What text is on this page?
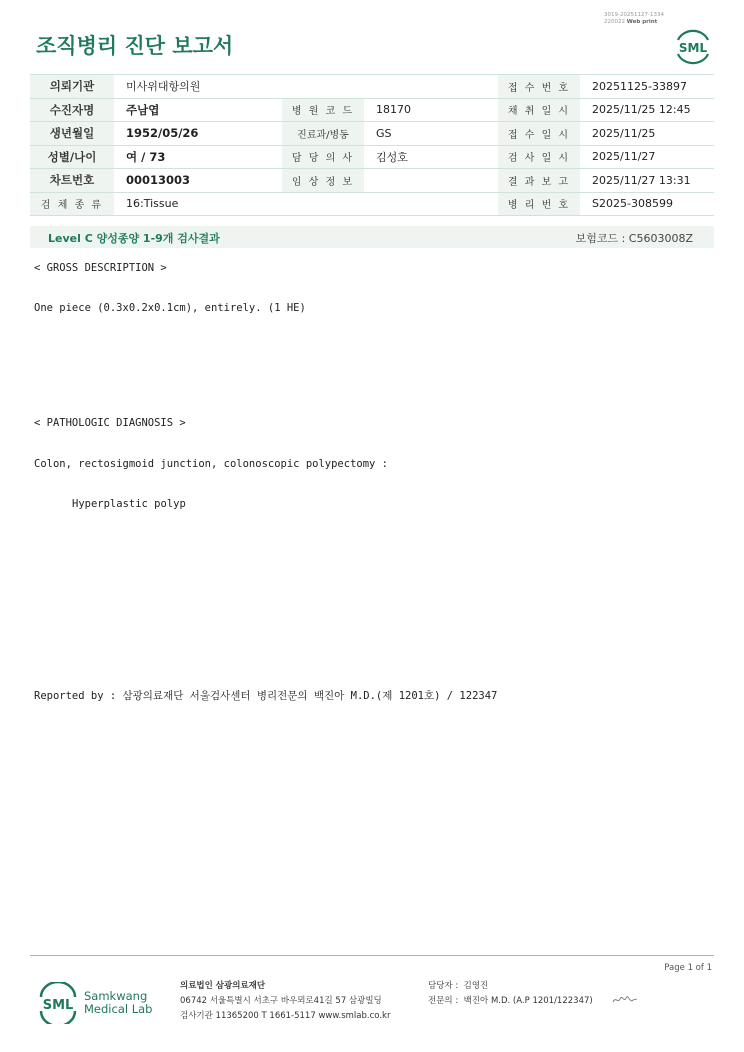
조직병리 진단 보고서
3019-20251127-1334
220022 Web print
SML
의뢰기관	미사위대항의원			접 수 번 호	20251125-33897
수진자명	주남엽	병 원 코 드	18170	채 취 일 시	2025/11/25 12:45
생년월일	1952/05/26	진료과/병동	GS	접 수 일 시	2025/11/25
성별/나이	여 / 73	담 당 의 사	김성호	검 사 일 시	2025/11/27
차트번호	00013003	임 상 정 보		결 과 보 고	2025/11/27 13:31
검 체 종 류	16:Tissue			병 리 번 호	S2025-308599
Level C 양성종양 1-9개 검사결과	보험코드 : C5603008Z
< GROSS DESCRIPTION >
One piece (0.3x0.2x0.1cm), entirely. (1 HE)
< PATHOLOGIC DIAGNOSIS >
Colon, rectosigmoid junction, colonoscopic polypectomy :
Hyperplastic polyp
Reported by : 삼광의료재단 서울검사센터 병리전문의 백진아 M.D.(제 1201호) / 122347
Page 1 of 1
SML
Samkwang
Medical Lab
의료법인 삼광의료재단
06742 서울특별시 서초구 바우뫼로41길 57 삼광빌딩
검사기관 11365200 T 1661-5117 www.smlab.co.kr
담당자 : 김영진
전문의 : 백진아 M.D. (A.P 1201/122347)
